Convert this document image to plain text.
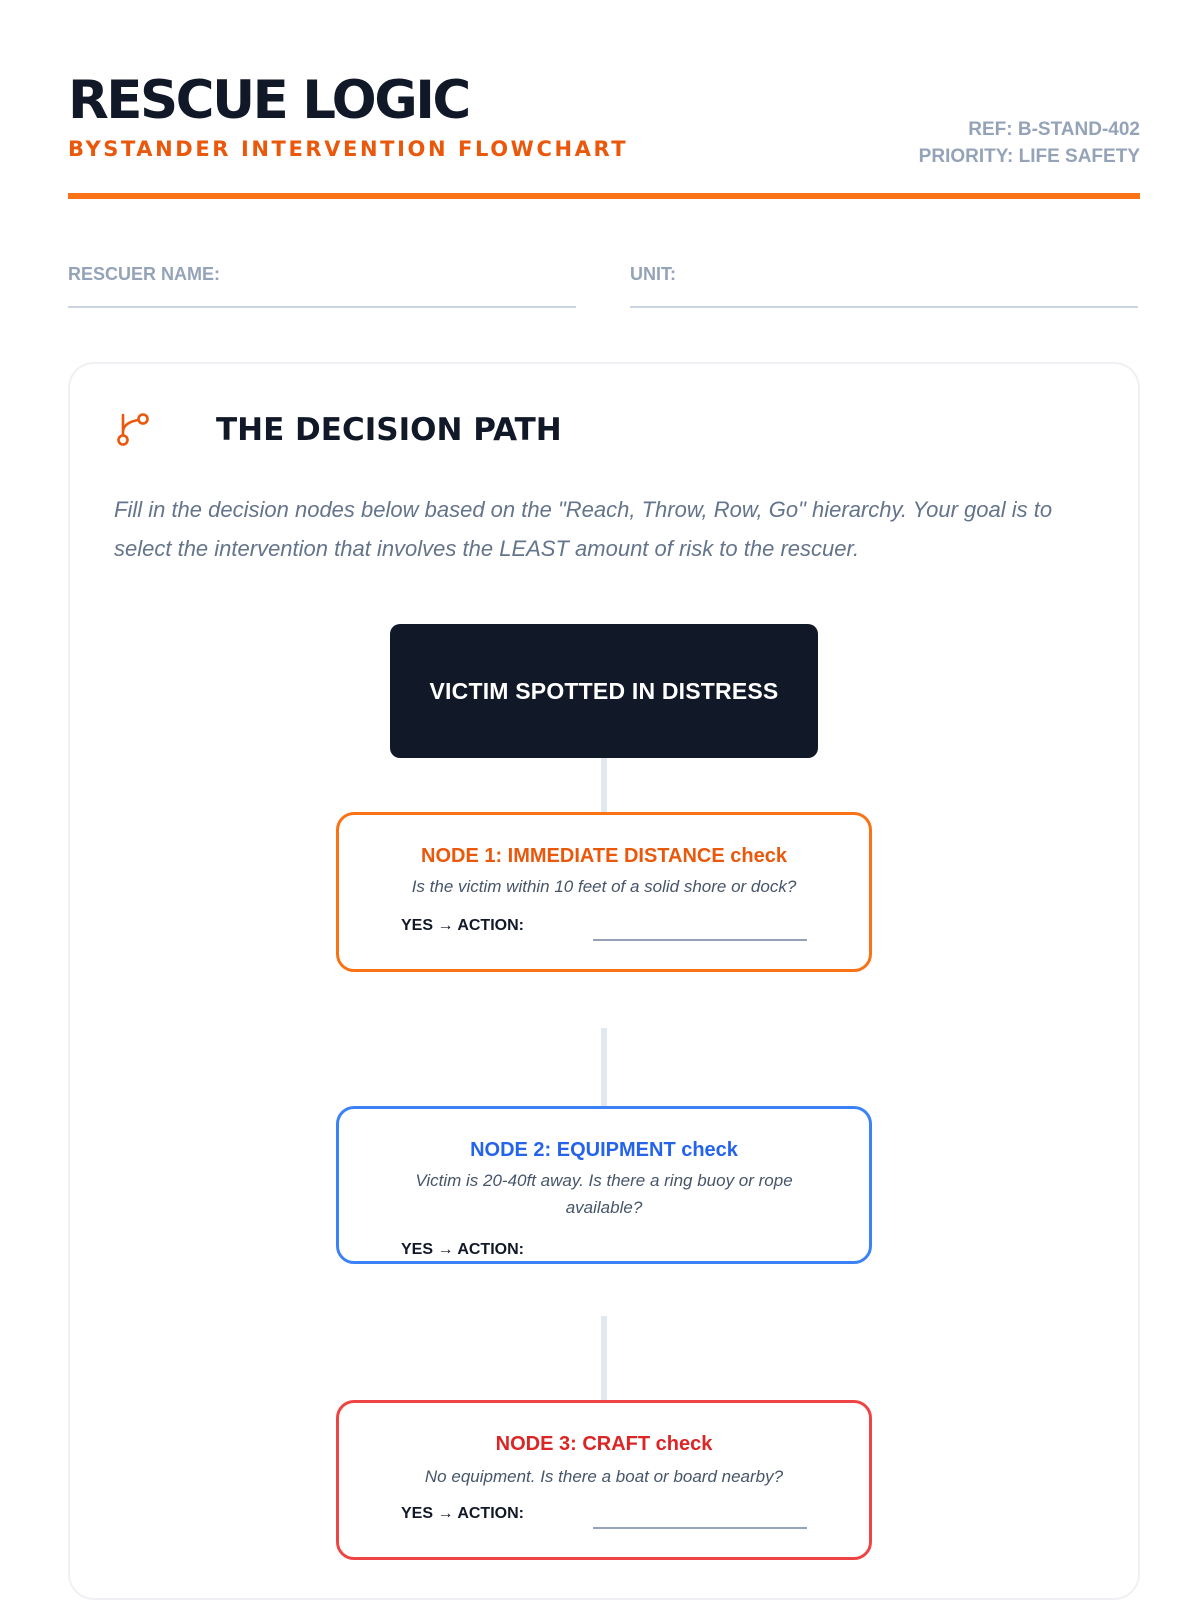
RESCUE LOGIC
BYSTANDER INTERVENTION FLOWCHART
REF: B-STAND-402
PRIORITY: LIFE SAFETY
RESCUER NAME:	UNIT:
THE DECISION PATH

Fill in the decision nodes below based on the "Reach, Throw, Row, Go" hierarchy. Your goal is to select the intervention that involves the LEAST amount of risk to the rescuer.

VICTIM SPOTTED IN DISTRESS
NODE 1: IMMEDIATE DISTANCE check
Is the victim within 10 feet of a solid shore or dock?
YES → ACTION:
NODE 2: EQUIPMENT check
Victim is 20-40ft away. Is there a ring buoy or rope available?
YES → ACTION:
NODE 3: CRAFT check
No equipment. Is there a boat or board nearby?
YES → ACTION:
